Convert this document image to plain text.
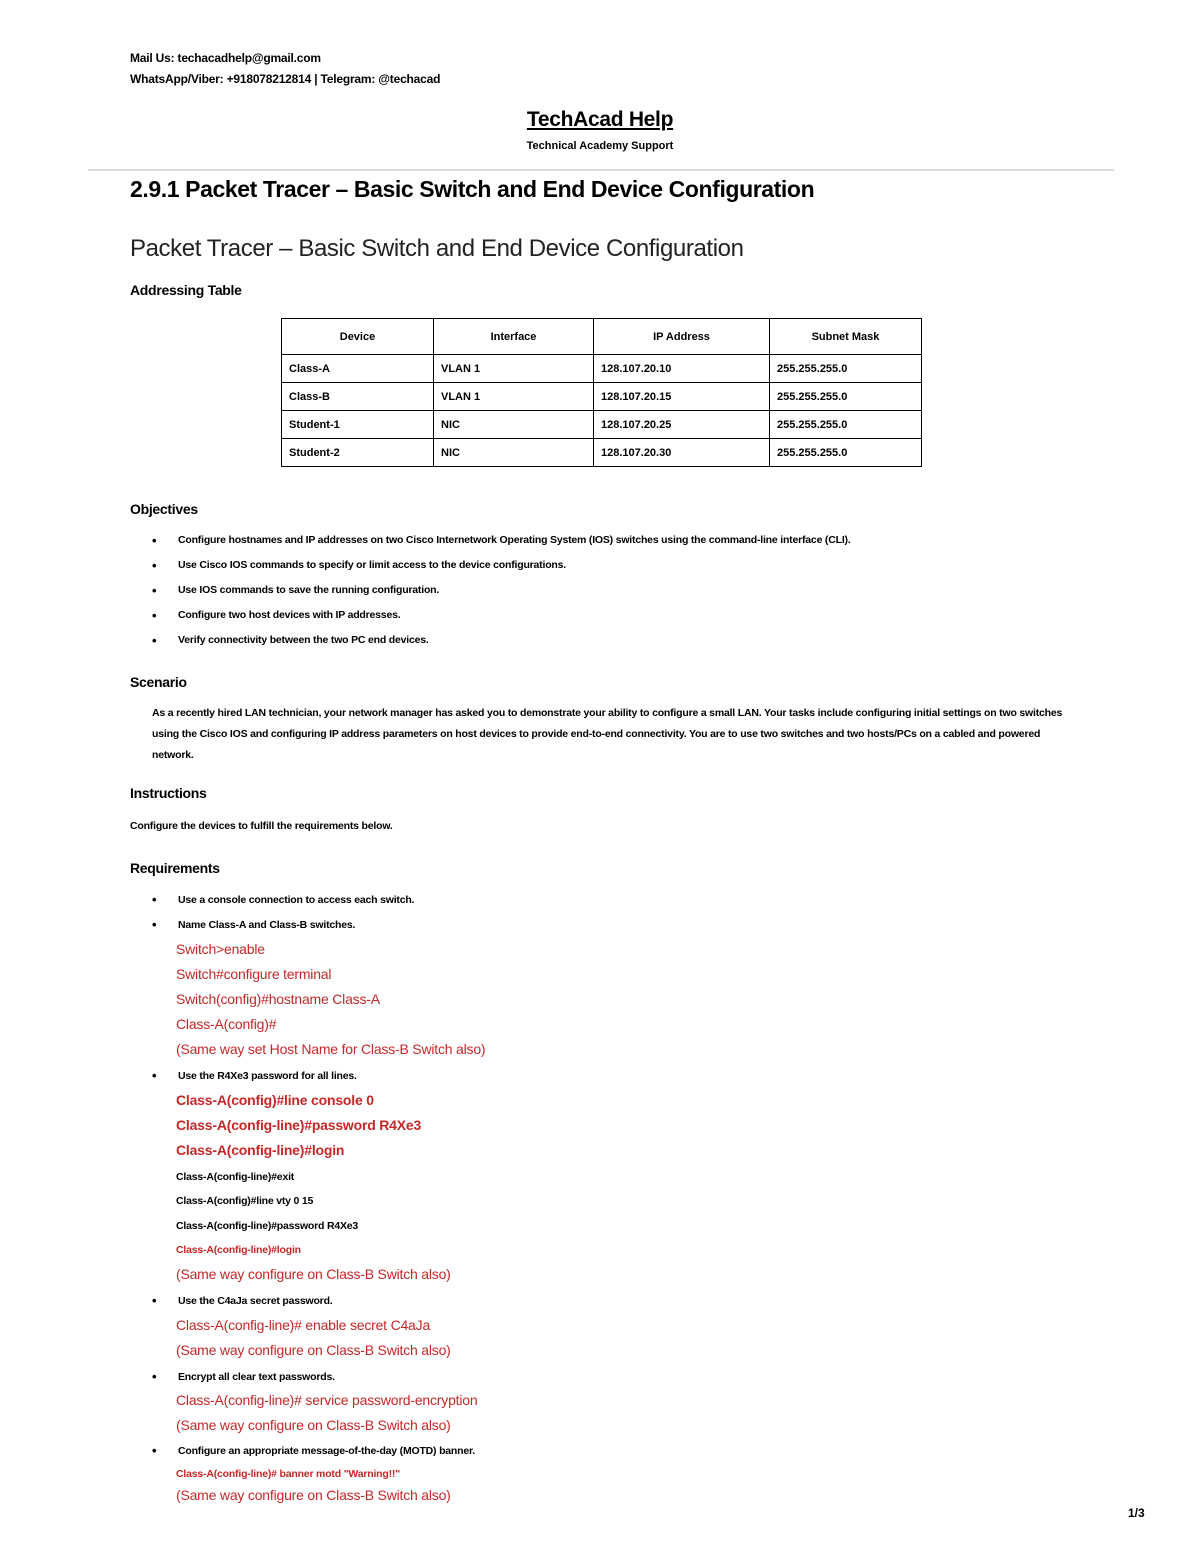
Mail Us: techacadhelp@gmail.com
WhatsApp/Viber: +918078212814 | Telegram: @techacad
TechAcad Help
Technical Academy Support
2.9.1 Packet Tracer – Basic Switch and End Device Configuration
Packet Tracer – Basic Switch and End Device Configuration
Addressing Table
Device	Interface	IP Address	Subnet Mask
Class-A	VLAN 1	128.107.20.10	255.255.255.0
Class-B	VLAN 1	128.107.20.15	255.255.255.0
Student-1	NIC	128.107.20.25	255.255.255.0
Student-2	NIC	128.107.20.30	255.255.255.0
Objectives
• Configure hostnames and IP addresses on two Cisco Internetwork Operating System (IOS) switches using the command-line interface (CLI).
• Use Cisco IOS commands to specify or limit access to the device configurations.
• Use IOS commands to save the running configuration.
• Configure two host devices with IP addresses.
• Verify connectivity between the two PC end devices.
Scenario
As a recently hired LAN technician, your network manager has asked you to demonstrate your ability to configure a small LAN. Your tasks include configuring initial settings on two switches using the Cisco IOS and configuring IP address parameters on host devices to provide end-to-end connectivity. You are to use two switches and two hosts/PCs on a cabled and powered network.
Instructions
Configure the devices to fulfill the requirements below.
Requirements
• Use a console connection to access each switch.
• Name Class-A and Class-B switches.
Switch>enable
Switch#configure terminal
Switch(config)#hostname Class-A
Class-A(config)#
(Same way set Host Name for Class-B Switch also)
• Use the R4Xe3 password for all lines.
Class-A(config)#line console 0
Class-A(config-line)#password R4Xe3
Class-A(config-line)#login
Class-A(config-line)#exit
Class-A(config)#line vty 0 15
Class-A(config-line)#password R4Xe3
Class-A(config-line)#login
(Same way configure on Class-B Switch also)
• Use the C4aJa secret password.
Class-A(config-line)# enable secret C4aJa
(Same way configure on Class-B Switch also)
• Encrypt all clear text passwords.
Class-A(config-line)# service password-encryption
(Same way configure on Class-B Switch also)
• Configure an appropriate message-of-the-day (MOTD) banner.
Class-A(config-line)# banner motd "Warning!!"
(Same way configure on Class-B Switch also)
1/3
